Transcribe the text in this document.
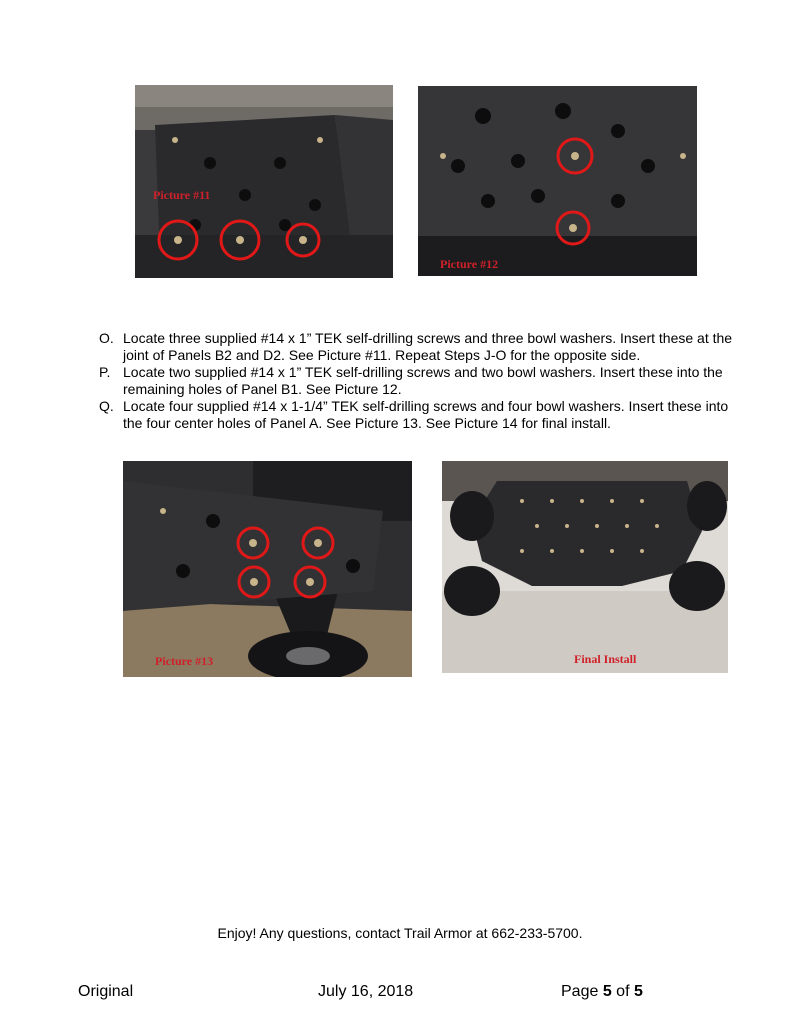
Picture #11
Picture #12
O. Locate three supplied #14 x 1” TEK self-drilling screws and three bowl washers. Insert these at the joint of Panels B2 and D2. See Picture #11. Repeat Steps J-O for the opposite side.
P. Locate two supplied #14 x 1” TEK self-drilling screws and two bowl washers. Insert these into the remaining holes of Panel B1. See Picture 12.
Q. Locate four supplied #14 x 1-1/4” TEK self-drilling screws and four bowl washers. Insert these into the four center holes of Panel A. See Picture 13. See Picture 14 for final install.
Picture #13	Final Install
Enjoy! Any questions, contact Trail Armor at 662-233-5700.
Original	July 16, 2018	Page 5 of 5
